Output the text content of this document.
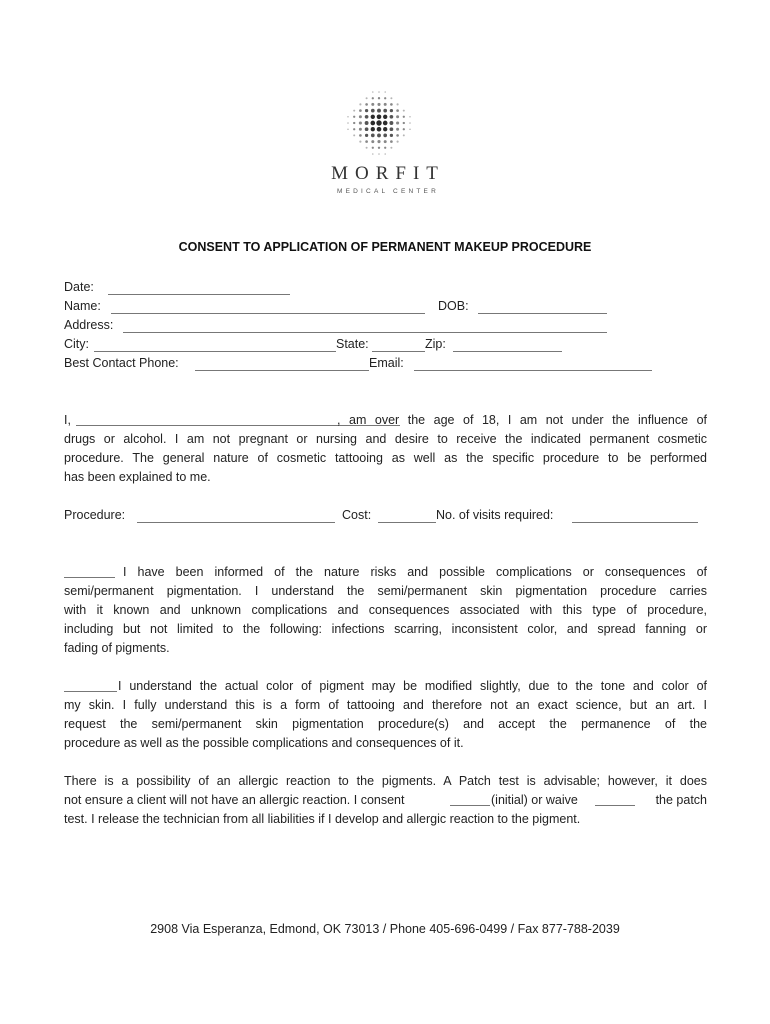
MORFIT
MEDICAL CENTER
CONSENT TO APPLICATION OF PERMANENT MAKEUP PROCEDURE
Date:
Name:	DOB:
Address:
City:	State:	Zip:
Best Contact Phone:	Email:
I,	, am over the age of 18, I am not under the influence of
drugs or alcohol. I am not pregnant or nursing and desire to receive the indicated permanent cosmetic
procedure. The general nature of cosmetic tattooing as well as the specific procedure to be performed
has been explained to me.
Procedure:	Cost:	No. of visits required:
I have been informed of the nature risks and possible complications or consequences of
semi/permanent pigmentation. I understand the semi/permanent skin pigmentation procedure carries
with it known and unknown complications and consequences associated with this type of procedure,
including but not limited to the following: infections scarring, inconsistent color, and spread fanning or
fading of pigments.
I understand the actual color of pigment may be modified slightly, due to the tone and color of
my skin. I fully understand this is a form of tattooing and therefore not an exact science, but an art. I
request the semi/permanent skin pigmentation procedure(s) and accept the permanence of the
procedure as well as the possible complications and consequences of it.
There is a possibility of an allergic reaction to the pigments. A Patch test is advisable; however, it does
not ensure a client will not have an allergic reaction. I consent	(initial) or waive	the patch
test. I release the technician from all liabilities if I develop and allergic reaction to the pigment.
2908 Via Esperanza, Edmond, OK 73013 / Phone 405-696-0499 / Fax 877-788-2039
